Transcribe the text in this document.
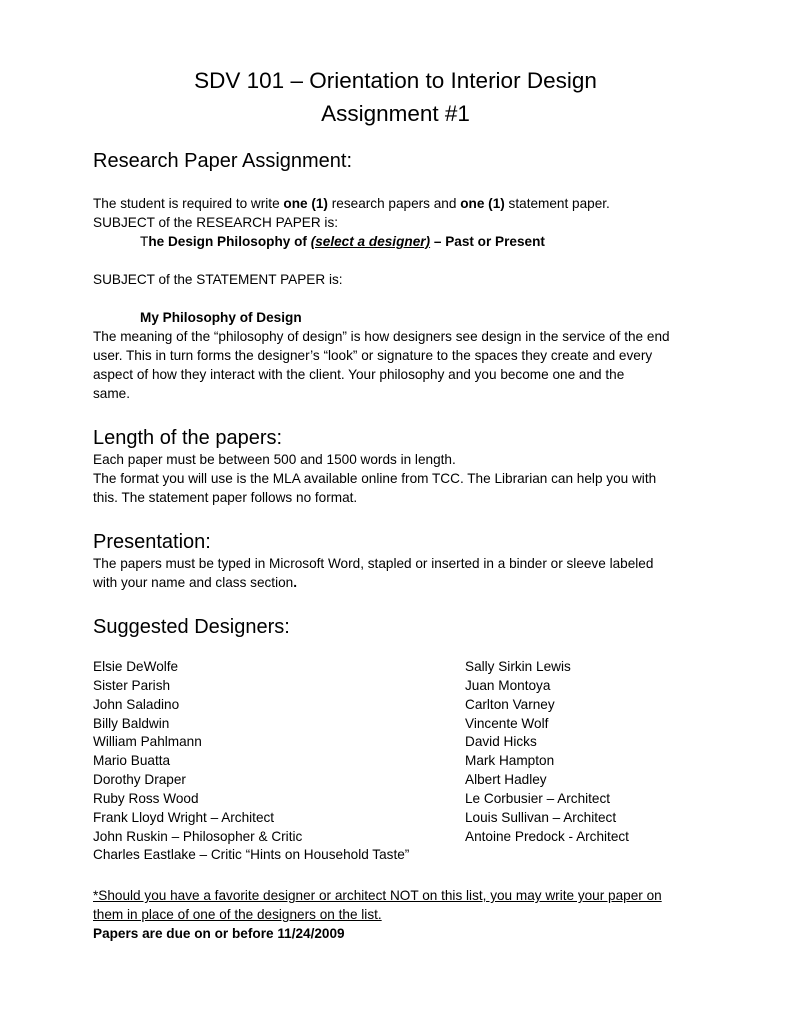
SDV 101 – Orientation to Interior Design
Assignment #1
Research Paper Assignment:
The student is required to write one (1) research papers and one (1) statement paper.
SUBJECT of the RESEARCH PAPER is:
The Design Philosophy of (select a designer) – Past or Present
SUBJECT of the STATEMENT PAPER is:
My Philosophy of Design
The meaning of the “philosophy of design” is how designers see design in the service of the end
user. This in turn forms the designer’s “look” or signature to the spaces they create and every
aspect of how they interact with the client. Your philosophy and you become one and the
same.
Length of the papers:
Each paper must be between 500 and 1500 words in length.
The format you will use is the MLA available online from TCC. The Librarian can help you with
this. The statement paper follows no format.
Presentation:
The papers must be typed in Microsoft Word, stapled or inserted in a binder or sleeve labeled
with your name and class section.
Suggested Designers:
Elsie DeWolfe
Sister Parish
John Saladino
Billy Baldwin
William Pahlmann
Mario Buatta
Dorothy Draper
Ruby Ross Wood
Frank Lloyd Wright – Architect
John Ruskin – Philosopher & Critic
Charles Eastlake – Critic “Hints on Household Taste”
Sally Sirkin Lewis
Juan Montoya
Carlton Varney
Vincente Wolf
David Hicks
Mark Hampton
Albert Hadley
Le Corbusier – Architect
Louis Sullivan – Architect
Antoine Predock - Architect
*Should you have a favorite designer or architect NOT on this list, you may write your paper on
them in place of one of the designers on the list.
Papers are due on or before 11/24/2009
